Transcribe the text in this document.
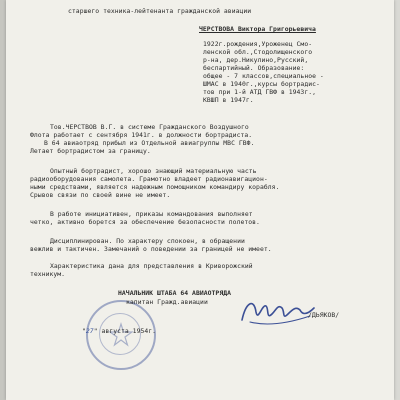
старшего техника-лейтенанта гражданской авиации
ЧЕРСТВОВА Виктора Григорьевича
1922г.рождения,Уроженец Смо-
ленской обл.,Стодолищенского
р-на, дер.Никулино,Русский,
беспартийный. Образование:
общее - 7 классов,специальное -
ШМАС в 1940г.,курсы бортрадис-
тов при 1-й АТД ГВФ в 1943г.,
КВШП в 1947г.
Тов.ЧЕРСТВОВ В.Г. в системе Гражданского Воздушного
Флота работает с сентября 1941г. в должности бортрадиста.
В 64 авиаотряд прибыл из Отдельной авиагруппы МВС ГВФ.
Летает бортрадистом за границу.
Опытный бортрадист, хорошо знающий материальную часть
радиооборудования самолета. Грамотно владеет радионавигацион-
ными средствами, является надежным помощником командиру корабля.
Срывов связи по своей вине не имеет.
В работе инициативен, приказы командования выполняет
четко, активно борется за обеспечение безопасности полетов.
Дисциплинирован. По характеру спокоен, в обращении
вежлив и тактичен. Замечаний о поведении за границей не имеет.
Характеристика дана для представления в Криворожский
техникум.
НАЧАЛЬНИК ШТАБА 64 АВИАОТРЯДА
капитан Гражд.авиации
/ДЬЯКОВ/
"27" августа 1954г.
